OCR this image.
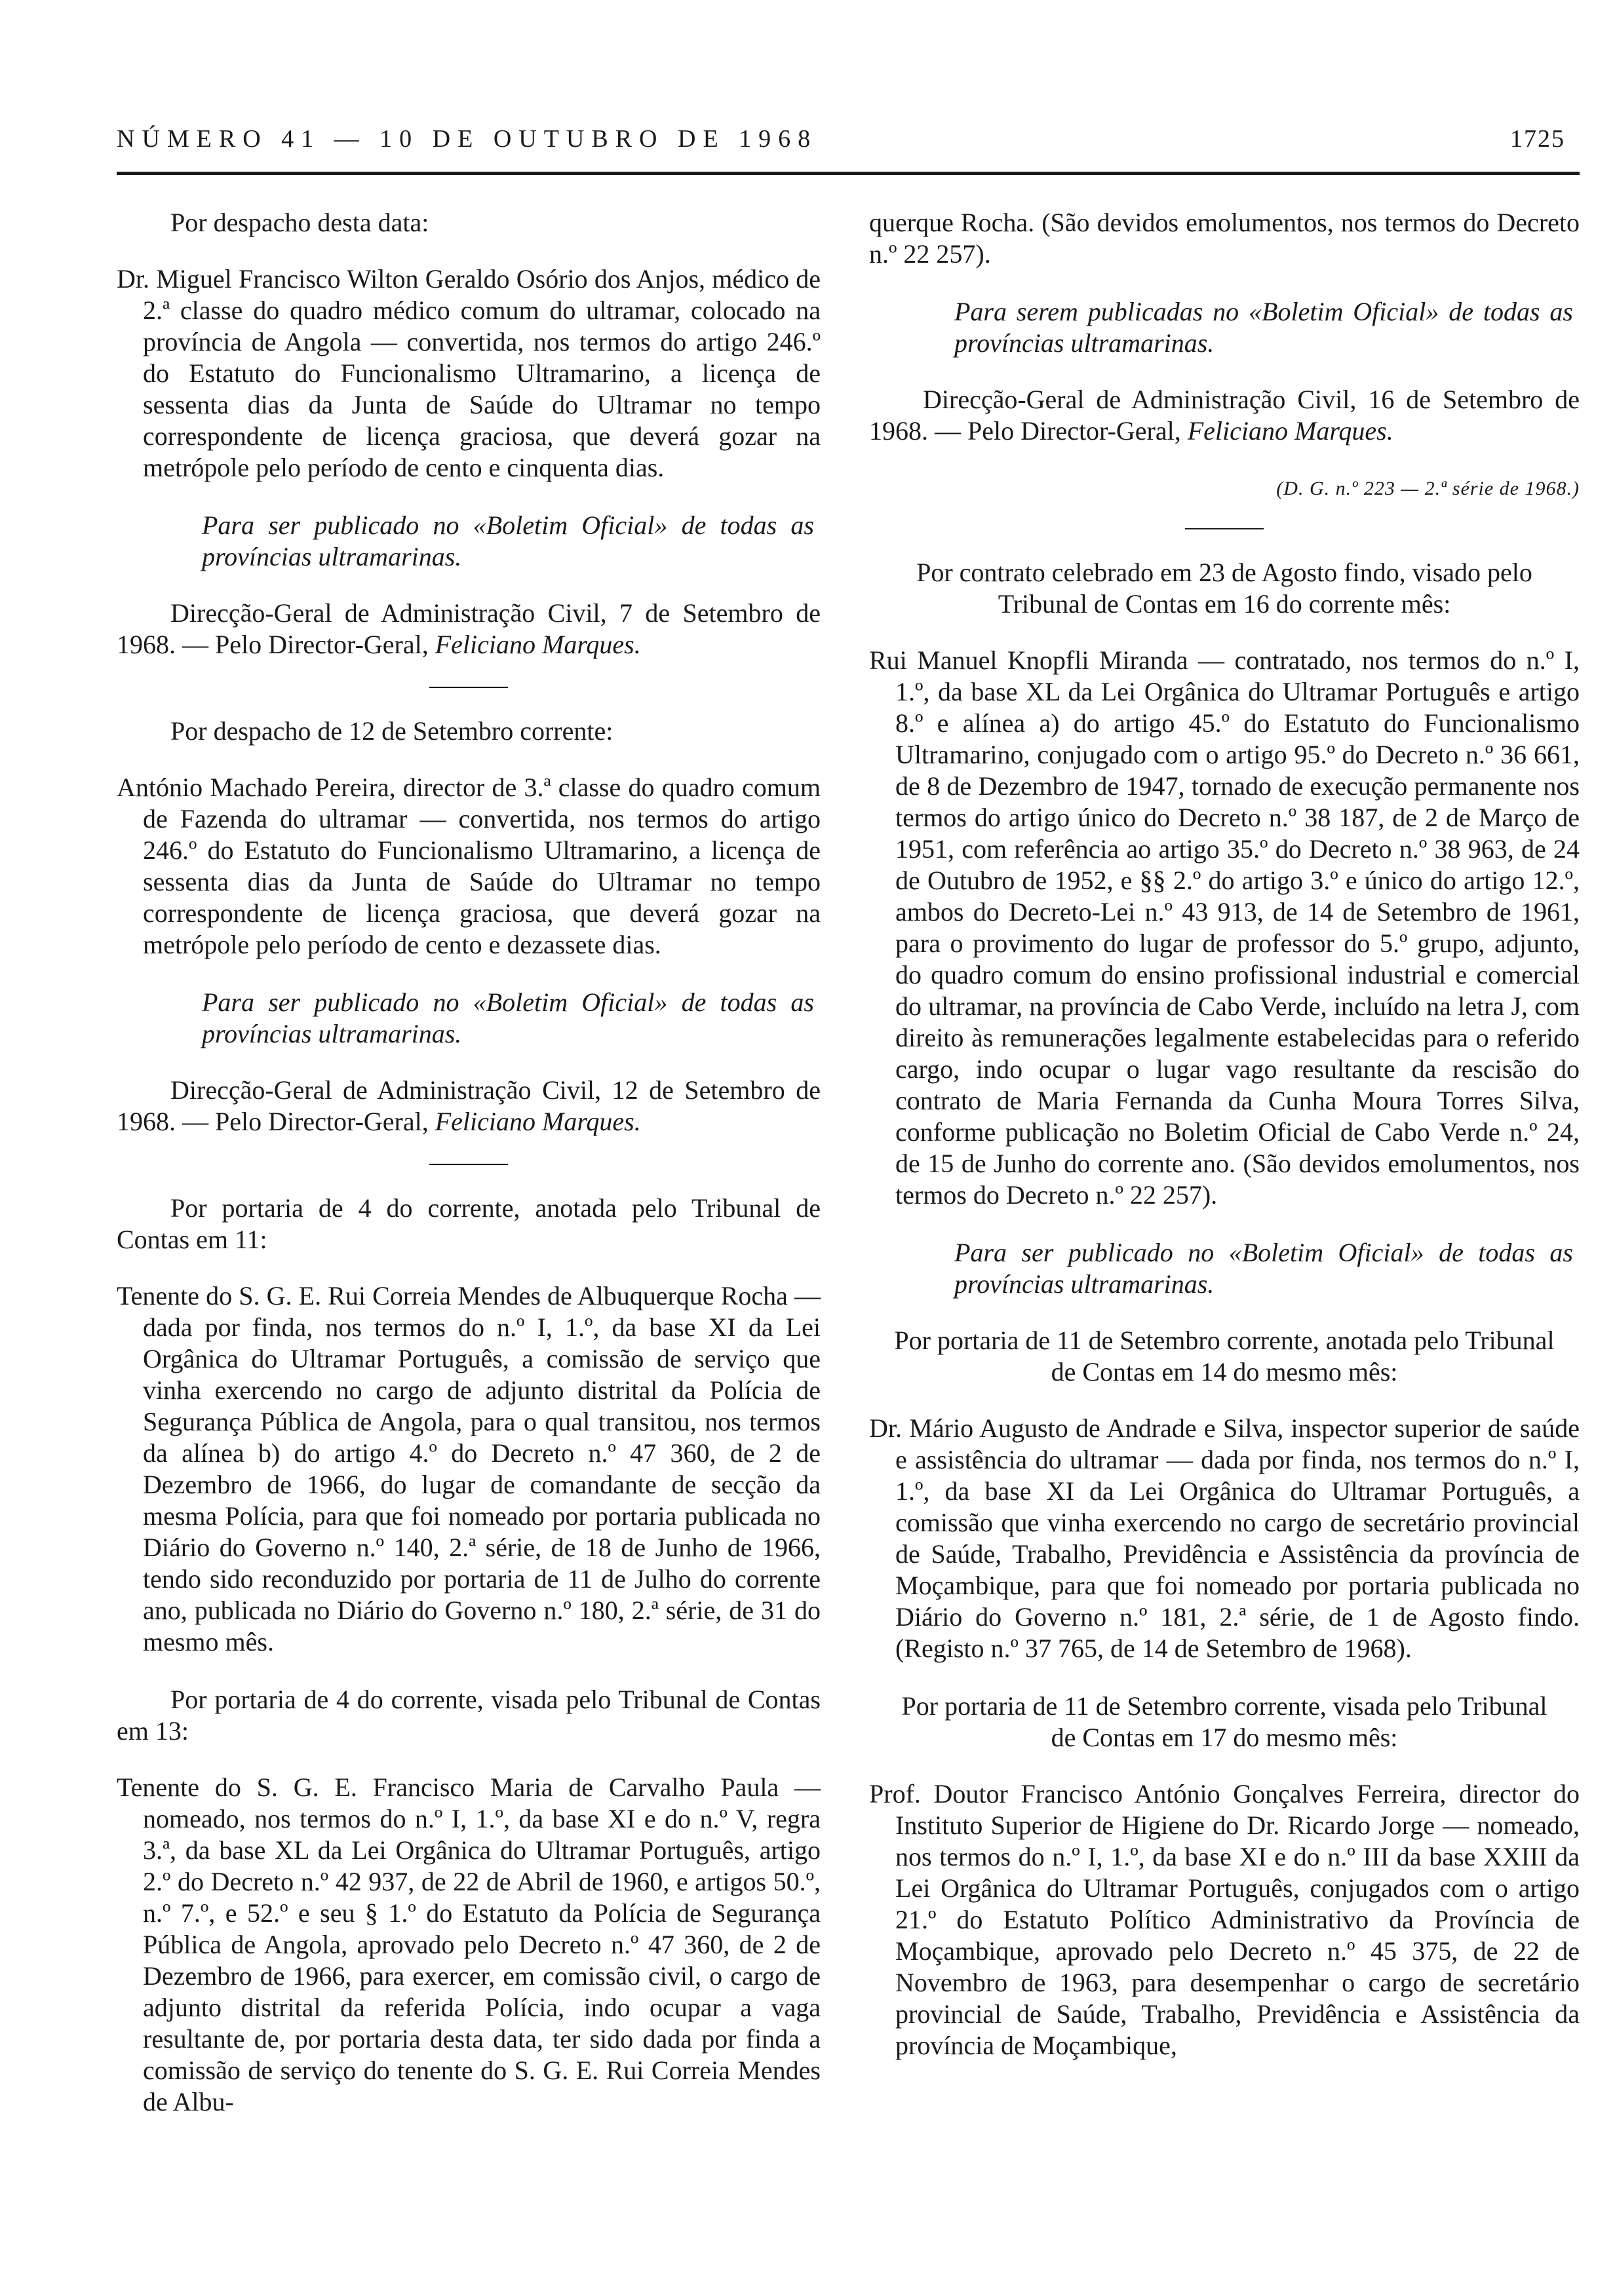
NÚMERO 41 — 10 DE OUTUBRO DE 1968	1725

Por despacho desta data:

Dr. Miguel Francisco Wilton Geraldo Osório dos Anjos, médico de 2.ª classe do quadro médico comum do ultramar, colocado na província de Angola — convertida, nos termos do artigo 246.º do Estatuto do Funcionalismo Ultramarino, a licença de sessenta dias da Junta de Saúde do Ultramar no tempo correspondente de licença graciosa, que deverá gozar na metrópole pelo período de cento e cinquenta dias.

Para ser publicado no «Boletim Oficial» de todas as províncias ultramarinas.

Direcção-Geral de Administração Civil, 7 de Setembro de 1968. — Pelo Director-Geral, Feliciano Marques.

Por despacho de 12 de Setembro corrente:

António Machado Pereira, director de 3.ª classe do quadro comum de Fazenda do ultramar — convertida, nos termos do artigo 246.º do Estatuto do Funcionalismo Ultramarino, a licença de sessenta dias da Junta de Saúde do Ultramar no tempo correspondente de licença graciosa, que deverá gozar na metrópole pelo período de cento e dezassete dias.

Para ser publicado no «Boletim Oficial» de todas as províncias ultramarinas.

Direcção-Geral de Administração Civil, 12 de Setembro de 1968. — Pelo Director-Geral, Feliciano Marques.

Por portaria de 4 do corrente, anotada pelo Tribunal de Contas em 11:

Tenente do S. G. E. Rui Correia Mendes de Albuquerque Rocha — dada por finda, nos termos do n.º I, 1.º, da base XI da Lei Orgânica do Ultramar Português, a comissão de serviço que vinha exercendo no cargo de adjunto distrital da Polícia de Segurança Pública de Angola, para o qual transitou, nos termos da alínea b) do artigo 4.º do Decreto n.º 47 360, de 2 de Dezembro de 1966, do lugar de comandante de secção da mesma Polícia, para que foi nomeado por portaria publicada no Diário do Governo n.º 140, 2.ª série, de 18 de Junho de 1966, tendo sido reconduzido por portaria de 11 de Julho do corrente ano, publicada no Diário do Governo n.º 180, 2.ª série, de 31 do mesmo mês.

Por portaria de 4 do corrente, visada pelo Tribunal de Contas em 13:

Tenente do S. G. E. Francisco Maria de Carvalho Paula — nomeado, nos termos do n.º I, 1.º, da base XI e do n.º V, regra 3.ª, da base XL da Lei Orgânica do Ultramar Português, artigo 2.º do Decreto n.º 42 937, de 22 de Abril de 1960, e artigos 50.º, n.º 7.º, e 52.º e seu § 1.º do Estatuto da Polícia de Segurança Pública de Angola, aprovado pelo Decreto n.º 47 360, de 2 de Dezembro de 1966, para exercer, em comissão civil, o cargo de adjunto distrital da referida Polícia, indo ocupar a vaga resultante de, por portaria desta data, ter sido dada por finda a comissão de serviço do tenente do S. G. E. Rui Correia Mendes de Albu-

querque Rocha. (São devidos emolumentos, nos termos do Decreto n.º 22 257).

Para serem publicadas no «Boletim Oficial» de todas as províncias ultramarinas.

Direcção-Geral de Administração Civil, 16 de Setembro de 1968. — Pelo Director-Geral, Feliciano Marques.

(D. G. n.º 223 — 2.ª série de 1968.)

Por contrato celebrado em 23 de Agosto findo, visado pelo Tribunal de Contas em 16 do corrente mês:

Rui Manuel Knopfli Miranda — contratado, nos termos do n.º I, 1.º, da base XL da Lei Orgânica do Ultramar Português e artigo 8.º e alínea a) do artigo 45.º do Estatuto do Funcionalismo Ultramarino, conjugado com o artigo 95.º do Decreto n.º 36 661, de 8 de Dezembro de 1947, tornado de execução permanente nos termos do artigo único do Decreto n.º 38 187, de 2 de Março de 1951, com referência ao artigo 35.º do Decreto n.º 38 963, de 24 de Outubro de 1952, e §§ 2.º do artigo 3.º e único do artigo 12.º, ambos do Decreto-Lei n.º 43 913, de 14 de Setembro de 1961, para o provimento do lugar de professor do 5.º grupo, adjunto, do quadro comum do ensino profissional industrial e comercial do ultramar, na província de Cabo Verde, incluído na letra J, com direito às remunerações legalmente estabelecidas para o referido cargo, indo ocupar o lugar vago resultante da rescisão do contrato de Maria Fernanda da Cunha Moura Torres Silva, conforme publicação no Boletim Oficial de Cabo Verde n.º 24, de 15 de Junho do corrente ano. (São devidos emolumentos, nos termos do Decreto n.º 22 257).

Para ser publicado no «Boletim Oficial» de todas as províncias ultramarinas.

Por portaria de 11 de Setembro corrente, anotada pelo Tribunal de Contas em 14 do mesmo mês:

Dr. Mário Augusto de Andrade e Silva, inspector superior de saúde e assistência do ultramar — dada por finda, nos termos do n.º I, 1.º, da base XI da Lei Orgânica do Ultramar Português, a comissão que vinha exercendo no cargo de secretário provincial de Saúde, Trabalho, Previdência e Assistência da província de Moçambique, para que foi nomeado por portaria publicada no Diário do Governo n.º 181, 2.ª série, de 1 de Agosto findo. (Registo n.º 37 765, de 14 de Setembro de 1968).

Por portaria de 11 de Setembro corrente, visada pelo Tribunal de Contas em 17 do mesmo mês:

Prof. Doutor Francisco António Gonçalves Ferreira, director do Instituto Superior de Higiene do Dr. Ricardo Jorge — nomeado, nos termos do n.º I, 1.º, da base XI e do n.º III da base XXIII da Lei Orgânica do Ultramar Português, conjugados com o artigo 21.º do Estatuto Político Administrativo da Província de Moçambique, aprovado pelo Decreto n.º 45 375, de 22 de Novembro de 1963, para desempenhar o cargo de secretário provincial de Saúde, Trabalho, Previdência e Assistência da província de Moçambique,
